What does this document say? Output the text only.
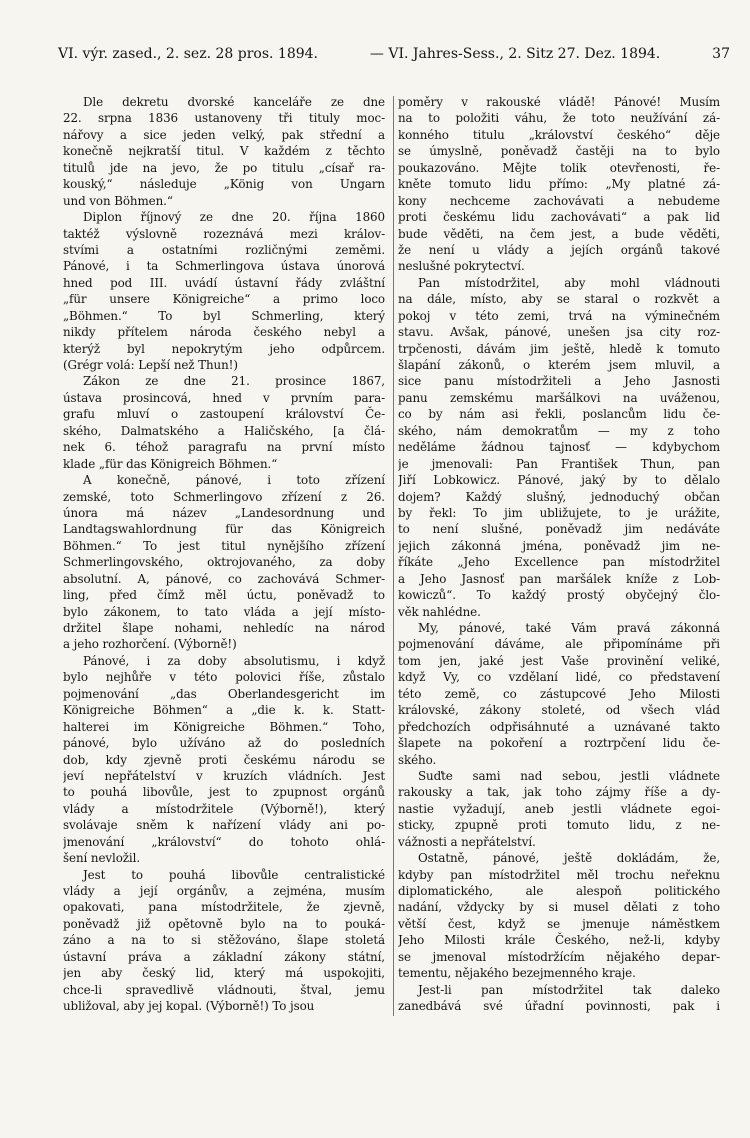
VI. výr. zased., 2. sez. 28 pros. 1894.	— VI. Jahres-Sess., 2. Sitz 27. Dez. 1894.	37
Dle dekretu dvorské kanceláře ze dne
22. srpna 1836 ustanoveny tři tituly moc-
nářovy a sice jeden velký, pak střední a
konečně nejkratší titul. V každém z těchto
titulů jde na jevo, že po titulu „císař ra-
kouský,“ následuje „König von Ungarn
und von Böhmen.“
Diplon říjnový ze dne 20. října 1860
taktéž výslovně rozeznává mezi králov-
stvími a ostatními rozličnými zeměmi.
Pánové, i ta Schmerlingova ústava únorová
hned pod III. uvádí ústavní řády zvláštní
„für unsere Königreiche“ a primo loco
„Böhmen.“ To byl Schmerling, který
nikdy přítelem národa českého nebyl a
kterýž byl nepokrytým jeho odpůrcem.
(Grégr volá: Lepší než Thun!)
Zákon ze dne 21. prosince 1867,
ústava prosincová, hned v prvním para-
grafu mluví o zastoupení království Če-
ského, Dalmatského a Haličského, [a člá-
nek 6. téhož paragrafu na první místo
klade „für das Königreich Böhmen.“
A konečně, pánové, i toto zřízení
zemské, toto Schmerlingovo zřízení z 26.
února má název „Landesordnung und
Landtagswahlordnung für das Königreich
Böhmen.“ To jest titul nynějšího zřízení
Schmerlingovského, oktrojovaného, za doby
absolutní. A, pánové, co zachovává Schmer-
ling, před čímž měl úctu, poněvadž to
bylo zákonem, to tato vláda a její místo-
držitel šlape nohami, nehledíc na národ
a jeho rozhorčení. (Výborně!)
Pánové, i za doby absolutismu, i když
bylo nejhůře v této polovici říše, zůstalo
pojmenování „das Oberlandesgericht im
Königreiche Böhmen“ a „die k. k. Statt-
halterei im Königreiche Böhmen.“ Toho,
pánové, bylo užíváno až do posledních
dob, kdy zjevně proti českému národu se
jeví nepřátelství v kruzích vládních. Jest
to pouhá libovůle, jest to zpupnost orgánů
vlády a místodržitele (Výborně!), který
svolávaje sněm k nařízení vlády ani po-
jmenování „království“ do tohoto ohlá-
šení nevložil.
Jest to pouhá libovůle centralistické
vlády a její orgánův, a zejména, musím
opakovati, pana místodržitele, že zjevně,
poněvadž již opětovně bylo na to pouká-
záno a na to si stěžováno, šlape stoletá
ústavní práva a základní zákony státní,
jen aby český lid, který má uspokojiti,
chce-li spravedlivě vládnouti, štval, jemu
ubližoval, aby jej kopal. (Výborně!) To jsou
poměry v rakouské vládě! Pánové! Musím
na to položiti váhu, že toto neužívání zá-
konného titulu „království českého“ děje
se úmyslně, poněvadž častěji na to bylo
poukazováno. Mějte tolik otevřenosti, ře-
kněte tomuto lidu přímo: „My platné zá-
kony nechceme zachovávati a nebudeme
proti českému lidu zachovávati“ a pak lid
bude věděti, na čem jest, a bude věděti,
že není u vlády a jejích orgánů takové
neslušné pokrytectví.
Pan místodržitel, aby mohl vládnouti
na dále, místo, aby se staral o rozkvět a
pokoj v této zemi, trvá na výminečném
stavu. Avšak, pánové, unešen jsa city roz-
trpčenosti, dávám jim ještě, hledě k tomuto
šlapání zákonů, o kterém jsem mluvil, a
sice panu místodržiteli a Jeho Jasnosti
panu zemskému maršálkovi na uváženou,
co by nám asi řekli, poslancům lidu če-
ského, nám demokratům — my z toho
neděláme žádnou tajnosť — kdybychom
je jmenovali: Pan František Thun, pan
Jiří Lobkowicz. Pánové, jaký by to dělalo
dojem? Každý slušný, jednoduchý občan
by řekl: To jim ubližujete, to je urážite,
to není slušné, poněvadž jim nedáváte
jejich zákonná jména, poněvadž jim ne-
říkáte „Jeho Excellence pan místodržitel
a Jeho Jasnosť pan maršálek kníže z Lob-
kowiczů“. To každý prostý obyčejný člo-
věk nahlédne.
My, pánové, také Vám pravá zákonná
pojmenování dáváme, ale připomínáme při
tom jen, jaké jest Vaše provinění veliké,
když Vy, co vzdělaní lidé, co představení
této země, co zástupcové Jeho Milosti
královské, zákony stoleté, od všech vlád
předchozích odpřisáhnuté a uznávané takto
šlapete na pokoření a roztrpčení lidu če-
ského.
Suďte sami nad sebou, jestli vládnete
rakousky a tak, jak toho zájmy říše a dy-
nastie vyžadují, aneb jestli vládnete egoi-
sticky, zpupně proti tomuto lidu, z ne-
vážnosti a nepřátelství.
Ostatně, pánové, ještě dokládám, že,
kdyby pan místodržitel měl trochu neřeknu
diplomatického, ale alespoň politického
nadání, vždycky by si musel dělati z toho
větší čest, když se jmenuje náměstkem
Jeho Milosti krále Českého, než-li, kdyby
se jmenoval místodržícím nějakého depar-
tementu, nějakého bezejmenného kraje.
Jest-li pan místodržitel tak daleko
zanedbává své úřadní povinnosti, pak i
